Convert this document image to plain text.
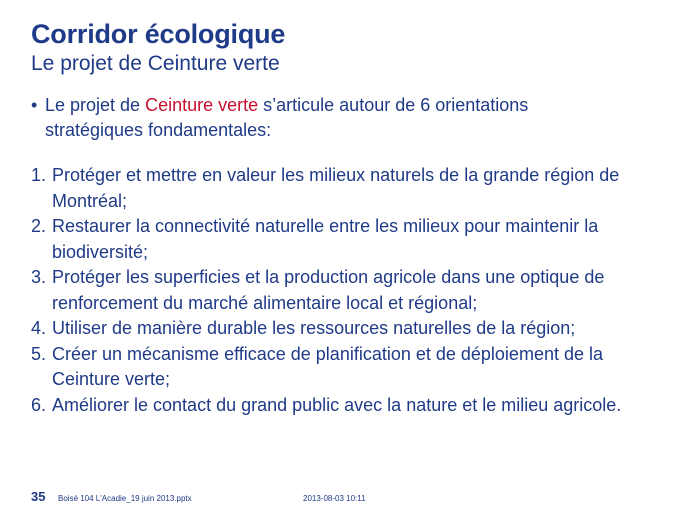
Corridor écologique
Le projet de Ceinture verte
• Le projet de Ceinture verte s’articule autour de 6 orientations stratégiques fondamentales:
1. Protéger et mettre en valeur les milieux naturels de la grande région de Montréal;
2. Restaurer la connectivité naturelle entre les milieux pour maintenir la biodiversité;
3. Protéger les superficies et la production agricole dans une optique de renforcement du marché alimentaire local et régional;
4. Utiliser de manière durable les ressources naturelles de la région;
5. Créer un mécanisme efficace de planification et de déploiement de la Ceinture verte;
6. Améliorer le contact du grand public avec la nature et le milieu agricole.
35 Boisé 104 L'Acadie_19 juin 2013.pptx	2013-08-03 10:11
